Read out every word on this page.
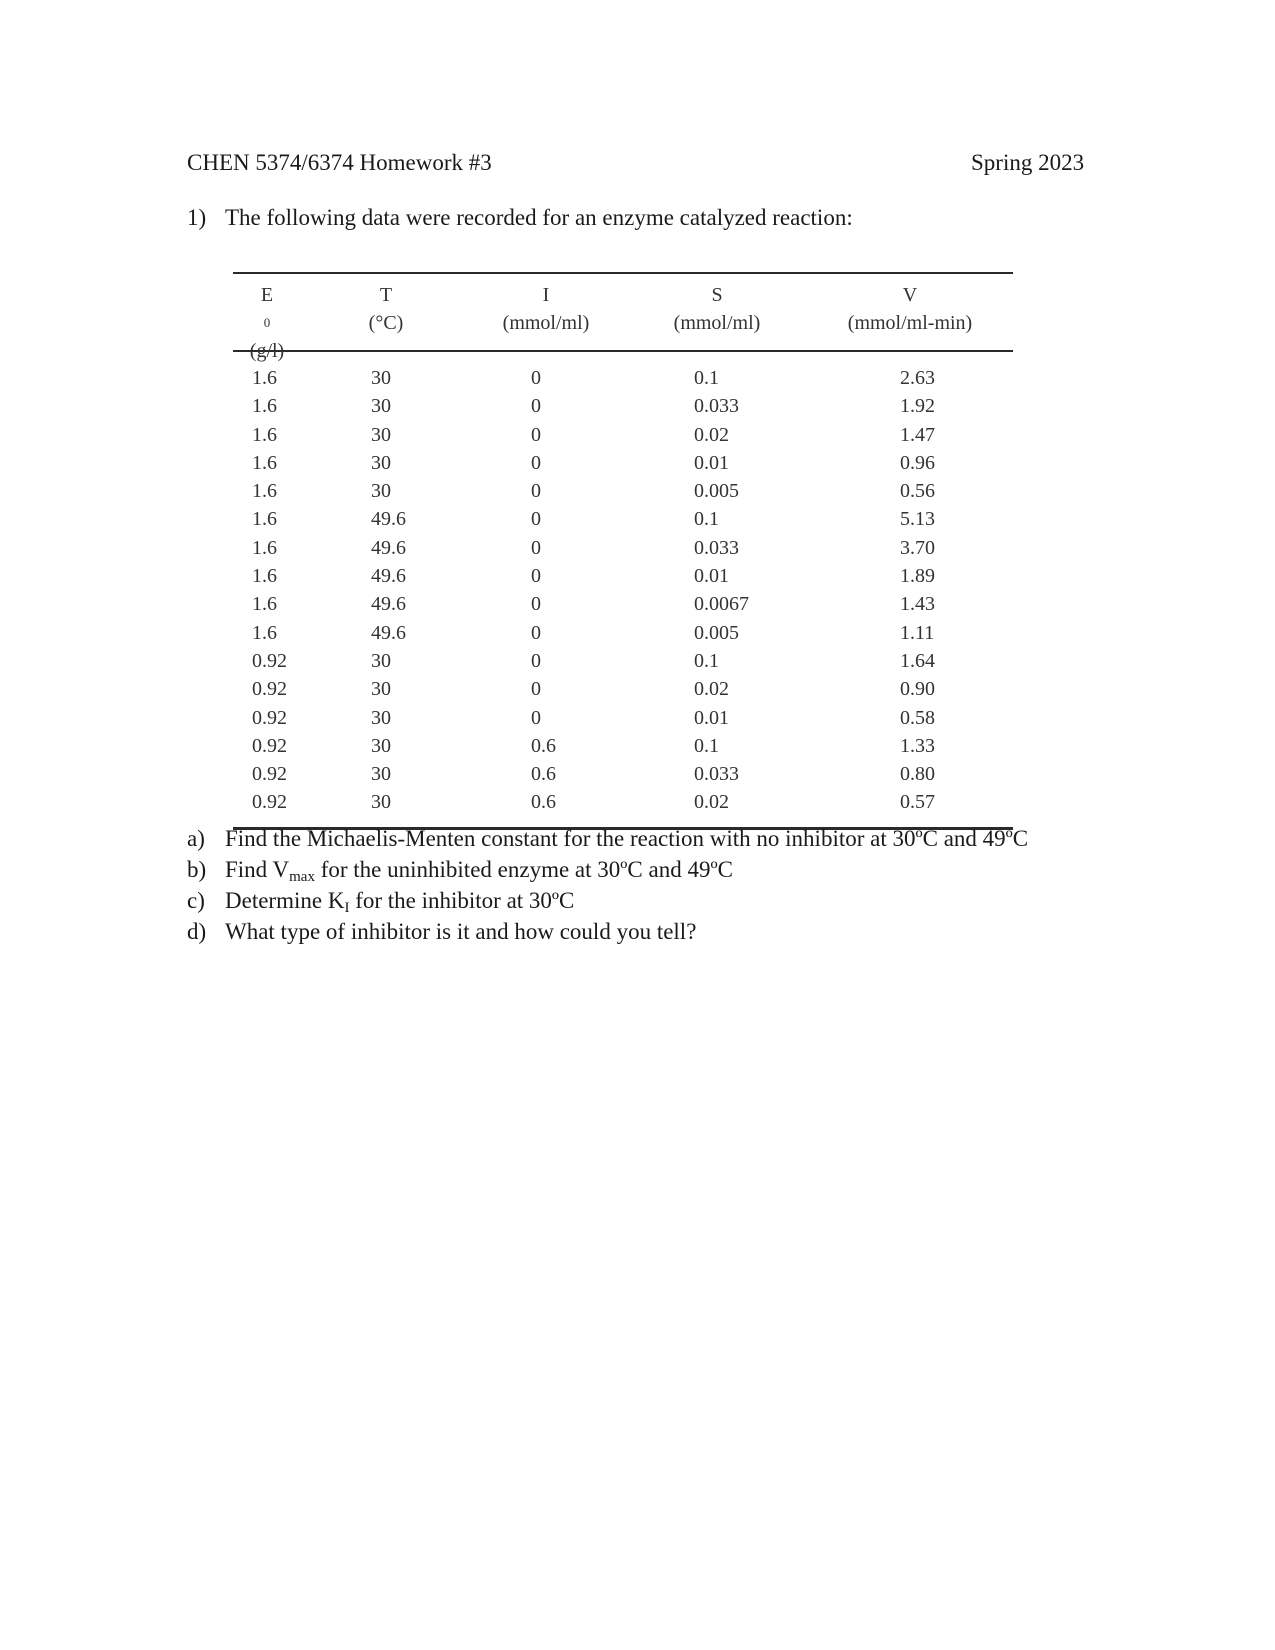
CHEN 5374/6374 Homework #3	Spring 2023
1) The following data were recorded for an enzyme catalyzed reaction:
E
0
(g/l)
T
(°C)
I
(mmol/ml)
S
(mmol/ml)
V
(mmol/ml-min)
1.6
1.6
1.6
1.6
1.6
1.6
1.6
1.6
1.6
1.6
0.92
0.92
0.92
0.92
0.92
0.92
30
30
30
30
30
49.6
49.6
49.6
49.6
49.6
30
30
30
30
30
30
0
0
0
0
0
0
0
0
0
0
0
0
0
0.6
0.6
0.6
0.1
0.033
0.02
0.01
0.005
0.1
0.033
0.01
0.0067
0.005
0.1
0.02
0.01
0.1
0.033
0.02
2.63
1.92
1.47
0.96
0.56
5.13
3.70
1.89
1.43
1.11
1.64
0.90
0.58
1.33
0.80
0.57
a) Find the Michaelis-Menten constant for the reaction with no inhibitor at 30ºC and 49ºC
b) Find $V_{max}$ for the uninhibited enzyme at 30ºC and 49ºC
c) Determine $K_I$ for the inhibitor at 30ºC
d) What type of inhibitor is it and how could you tell?
